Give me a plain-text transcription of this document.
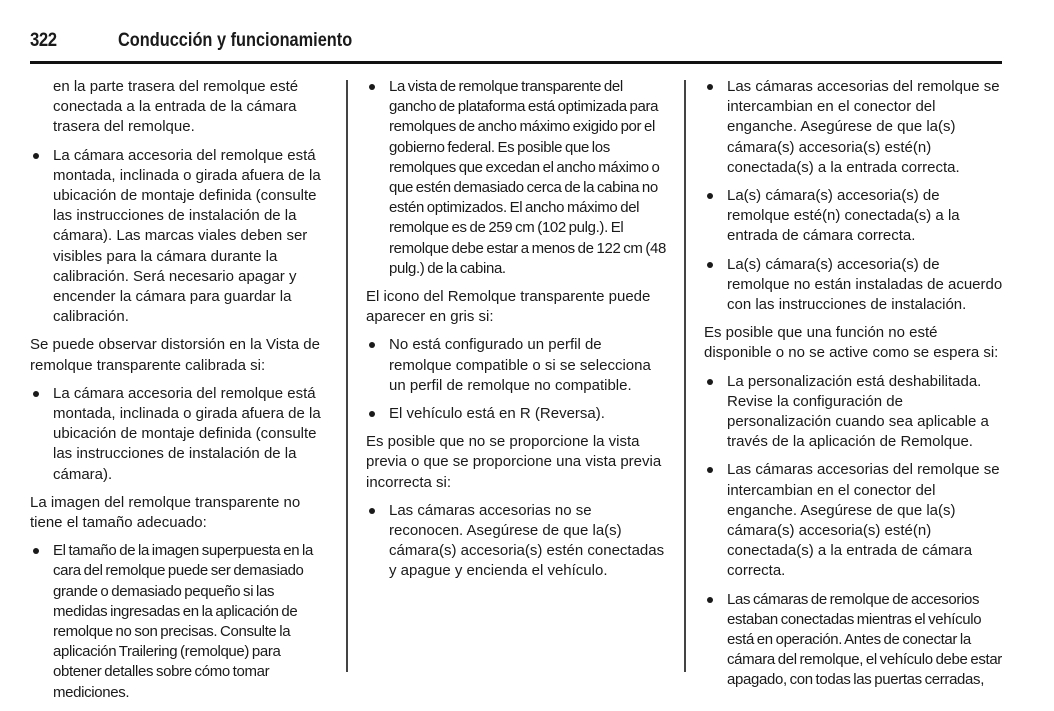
322	Conducción y funcionamiento

en la parte trasera del remolque esté conectada a la entrada de la cámara trasera del remolque.

La cámara accesoria del remolque está montada, inclinada o girada afuera de la ubicación de montaje definida (consulte las instrucciones de instalación de la cámara). Las marcas viales deben ser visibles para la cámara durante la calibración. Será necesario apagar y encender la cámara para guardar la calibración.

Se puede observar distorsión en la Vista de remolque transparente calibrada si:

La cámara accesoria del remolque está montada, inclinada o girada afuera de la ubicación de montaje definida (consulte las instrucciones de instalación de la cámara).

La imagen del remolque transparente no tiene el tamaño adecuado:

El tamaño de la imagen superpuesta en la cara del remolque puede ser demasiado grande o demasiado pequeño si las medidas ingresadas en la aplicación de remolque no son precisas. Consulte la aplicación Trailering (remolque) para obtener detalles sobre cómo tomar mediciones.
La vista de remolque transparente del gancho de plataforma está optimizada para remolques de ancho máximo exigido por el gobierno federal. Es posible que los remolques que excedan el ancho máximo o que estén demasiado cerca de la cabina no estén optimizados. El ancho máximo del remolque es de 259 cm (102 pulg.). El remolque debe estar a menos de 122 cm (48 pulg.) de la cabina.

El icono del Remolque transparente puede aparecer en gris si:

No está configurado un perfil de remolque compatible o si se selecciona un perfil de remolque no compatible.
El vehículo está en R (Reversa).

Es posible que no se proporcione la vista previa o que se proporcione una vista previa incorrecta si:

Las cámaras accesorias no se reconocen. Asegúrese de que la(s) cámara(s) accesoria(s) estén conectadas y apague y encienda el vehículo.
Las cámaras accesorias del remolque se intercambian en el conector del enganche. Asegúrese de que la(s) cámara(s) accesoria(s) esté(n) conectada(s) a la entrada correcta.
La(s) cámara(s) accesoria(s) de remolque esté(n) conectada(s) a la entrada de cámara correcta.
La(s) cámara(s) accesoria(s) de remolque no están instaladas de acuerdo con las instrucciones de instalación.

Es posible que una función no esté disponible o no se active como se espera si:

La personalización está deshabilitada. Revise la configuración de personalización cuando sea aplicable a través de la aplicación de Remolque.
Las cámaras accesorias del remolque se intercambian en el conector del enganche. Asegúrese de que la(s) cámara(s) accesoria(s) esté(n) conectada(s) a la entrada de cámara correcta.
Las cámaras de remolque de accesorios estaban conectadas mientras el vehículo está en operación. Antes de conectar la cámara del remolque, el vehículo debe estar apagado, con todas las puertas cerradas,
